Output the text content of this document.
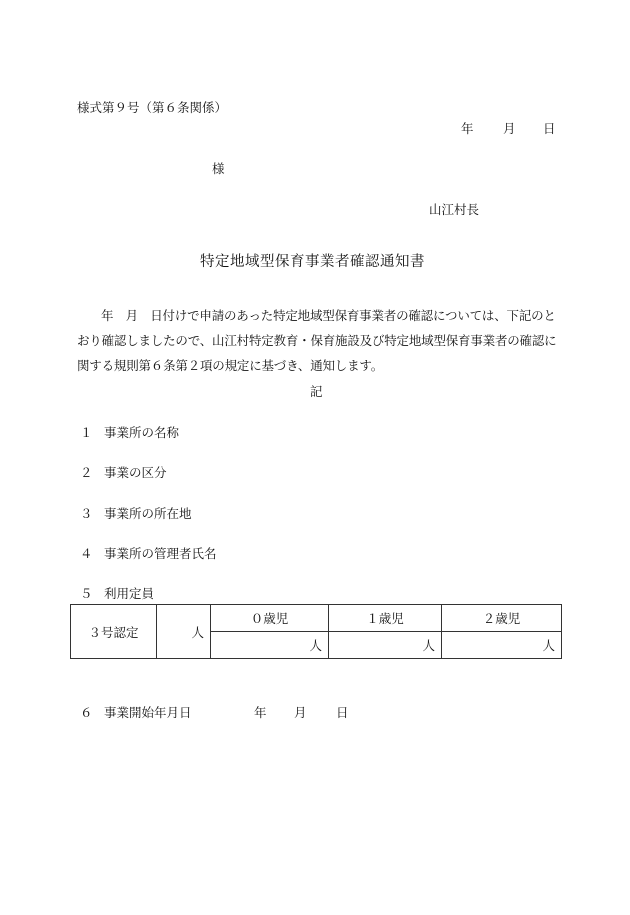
様式第９号（第６条関係）
年 月 日
様
山江村長
特定地域型保育事業者確認通知書
年　月　日付けで申請のあった特定地域型保育事業者の確認については、下記のとおり確認しましたので、山江村特定教育・保育施設及び特定地域型保育事業者の確認に関する規則第６条第２項の規定に基づき、通知します。
記
１ 事業所の名称
２ 事業の区分
３ 事業所の所在地
４ 事業所の管理者氏名
５ 利用定員
３号認定	人	０歳児	１歳児	２歳児
		人	人	人
６ 事業開始年月日	年 月 日
